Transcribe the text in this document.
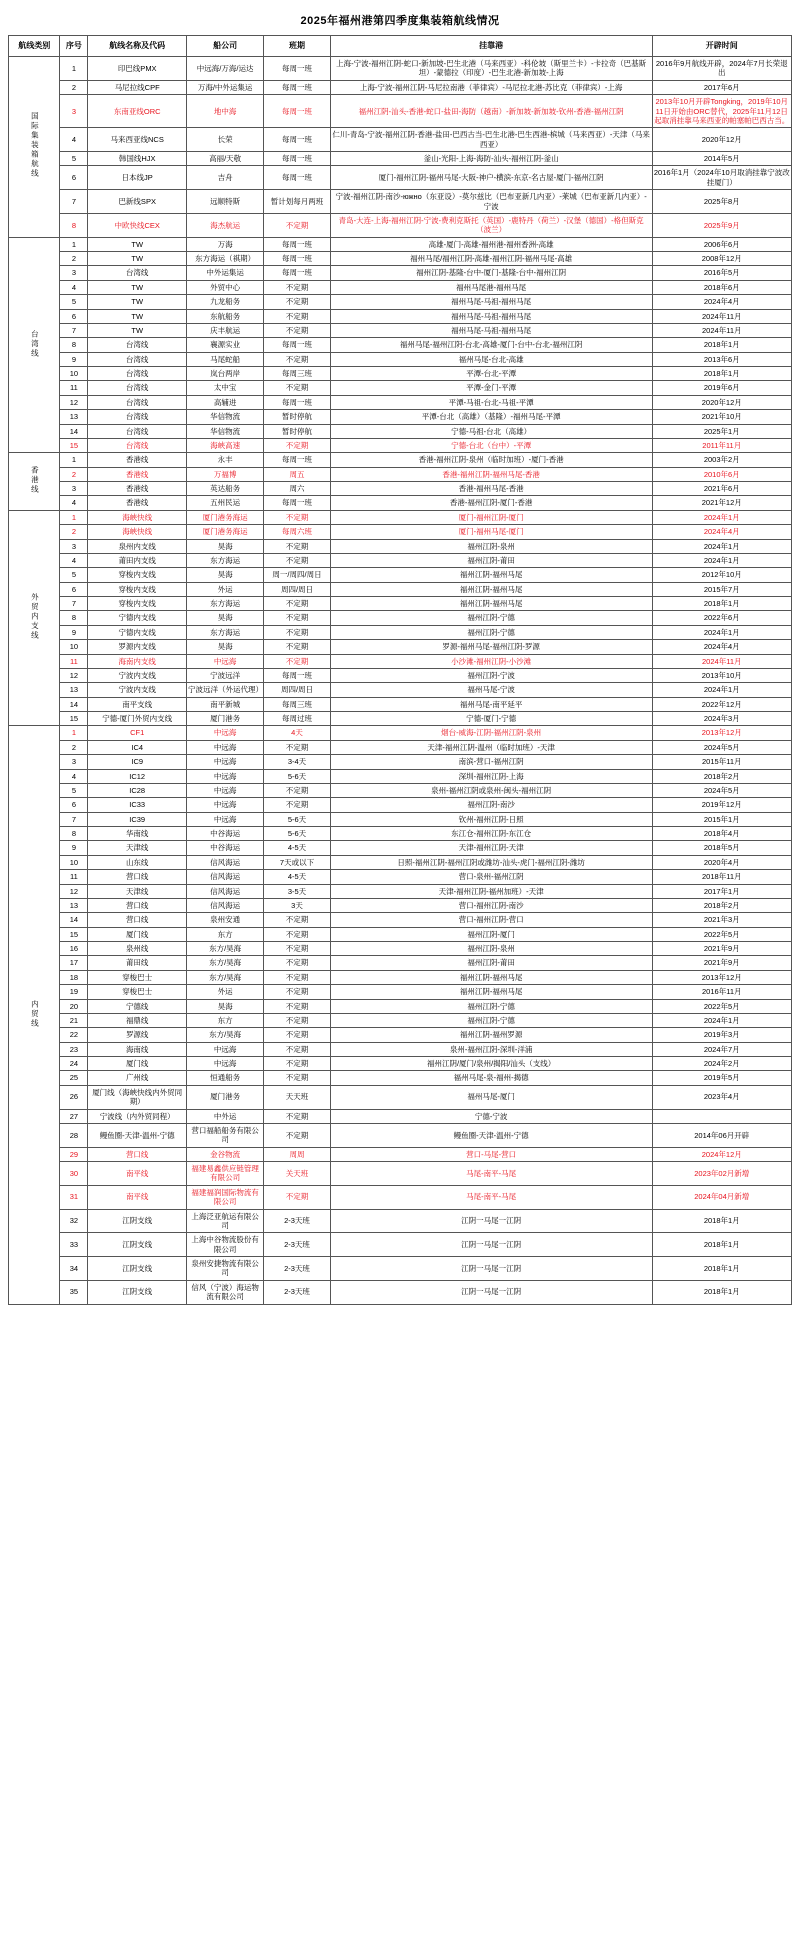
2025年福州港第四季度集装箱航线情况
航线类别	序号	航线名称及代码	船公司	班期	挂靠港	开辟时间
国际集装箱航线	1	印巴线PMX	中远海/万海/运达	每周一班	上海-宁波-福州江阴-蛇口-新加坡-巴生北港（马来西亚）-科伦坡（斯里兰卡）-卡拉奇（巴基斯坦）-蒙德拉（印度）-巴生北港-新加坡-上海	2016年9月航线开辟，2024年7月长荣退出
	2	马尼拉线CPF	万海/中外运集运	每周一班	上海-宁波-福州江阴-马尼拉南港（菲律宾）-马尼拉北港-苏比克（菲律宾）-上海	2017年6月
	3	东南亚线ORC	地中海	每周一班	福州江阴-汕头-香港-蛇口-盐田-海防（越南）-新加坡-新加坡-钦州-香港-福州江阴	2013年10月开辟Tongking，2019年10月11日开始由ORC替代，2025年11月12日起取消挂靠马来西亚的帕塞帕巴西古当。
	4	马来西亚线NCS	长荣	每周一班	仁川-青岛-宁波-福州江阴-香港-盐田-巴西古当-巴生北港-巴生西港-槟城（马来西亚）-天津（马来西亚）	2020年12月
	5	韩国线HJX	高丽/天敬	每周一班	釜山-光阳-上海-海防-汕头-福州江阴-釜山	2014年5月
	6	日本线JP	吉舟	每周一班	厦门-福州江阴-福州马尾-大阪-神户-横滨-东京-名古屋-厦门-福州江阴	2016年1月（2024年10月取消挂靠宁波改挂厦门）
	7	巴新线SPX	远顺特斯	暂计划每月两班	宁波-福州江阴-南沙-южно（东亚设）-莫尔兹比（巴布亚新几内亚）-莱城（巴布亚新几内亚）-宁波	2025年8月
	8	中欧快线CEX	海杰航运	不定期	青岛-大连-上海-福州江阴-宁波-费利克斯托（英国）-鹿特丹（荷兰）-汉堡（德国）-格但斯克（波兰）	2025年9月
台湾线	1	TW	万海	每周一班	高雄-厦门-高雄-福州港-福州香洲-高雄	2006年6月
	2	TW	东方海运（祺期）	每周一班	福州马尾/福州江阴-高雄-福州江阴-福州马尾-高雄	2008年12月
	3	台湾线	中外运集运	每周一班	福州江阴-基隆-台中-厦门-基隆-台中-福州江阴	2016年5月
	4	TW	外贸中心	不定期	福州马尾港-福州马尾	2018年6月
	5	TW	九龙船务	不定期	福州马尾-马祖-福州马尾	2024年4月
	6	TW	东航船务	不定期	福州马尾-马祖-福州马尾	2024年11月
	7	TW	庆丰航运	不定期	福州马尾-马祖-福州马尾	2024年11月
	8	台湾线	襄源实业	每周一班	福州马尾-福州江阴-台北-高雄-厦门-台中-台北-福州江阴	2018年1月
	9	台湾线	马尾蛇船	不定期	福州马尾-台北-高雄	2013年6月
	10	台湾线	岚台两岸	每周三班	平潭-台北-平潭	2018年1月
	11	台湾线	太中宝	不定期	平潭-金门-平潭	2019年6月
	12	台湾线	高辅进	每周一班	平潭-马祖-台北-马祖-平潭	2020年12月
	13	台湾线	华信物流	暂时停航	平潭-台北（高雄）（基隆）-福州马尾-平潭	2021年10月
	14	台湾线	华信物流	暂时停航	宁德-马祖-台北（高雄）	2025年1月
	15	台湾线	海峡高速	不定期	宁德-台北（台中）-平潭	2011年11月
香港线	1	香港线	永丰	每周一班	香港-福州江阴-泉州（临时加班）-厦门-香港	2003年2月
	2	香港线	万福博	周五	香港-福州江阴-福州马尾-香港	2010年6月
	3	香港线	英达船务	周六	香港-福州马尾-香港	2021年6月
	4	香港线	五州民运	每周一班	香港-福州江阴-厦门-香港	2021年12月
外贸内支线	1	海峡快线	厦门港务海运	不定期	厦门-福州江阴-厦门	2024年1月
	2	海峡快线	厦门港务海运	每周六班	厦门-福州马尾-厦门	2024年4月
	3	泉州内支线	昊海	不定期	福州江阴-泉州	2024年1月
	4	莆田内支线	东方海运	不定期	福州江阴-莆田	2024年1月
	5	穿梭内支线	昊海	周一/周四/周日	福州江阴-福州马尾	2012年10月
	6	穿梭内支线	外运	周四/周日	福州江阴-福州马尾	2015年7月
	7	穿梭内支线	东方海运	不定期	福州江阴-福州马尾	2018年1月
	8	宁德内支线	昊海	不定期	福州江阴-宁德	2022年6月
	9	宁德内支线	东方海运	不定期	福州江阴-宁德	2024年1月
	10	罗源内支线	昊海	不定期	罗源-福州马尾-福州江阴-罗源	2024年4月
	11	海南内支线	中远海	不定期	小沙滩-福州江阴-小沙滩	2024年11月
	12	宁波内支线	宁波远洋	每周一班	福州江阴-宁波	2013年10月
	13	宁波内支线	宁波远洋（外运代理）	周四/周日	福州马尾-宁波	2024年1月
	14	南平支线	南平新城	每周三班	福州马尾-南平延平	2022年12月
	15	宁德-厦门外贸内支线	厦门港务	每周过班	宁德-厦门-宁德	2024年3月
内贸线	1	CF1	中远海	4天	烟台-威海-江阴-福州江阴-泉州	2013年12月
	2	IC4	中远海	不定期	天津-福州江阴-温州（临时加班）-天津	2024年5月
	3	IC9	中远海	3-4天	南滨-营口-福州江阴	2015年11月
	4	IC12	中远海	5-6天	深圳-福州江阴-上海	2018年2月
	5	IC28	中远海	不定期	泉州-福州江阴或泉州-闽头-福州江阴	2024年5月
	6	IC33	中远海	不定期	福州江阴-南沙	2019年12月
	7	IC39	中远海	5-6天	钦州-福州江阴-日照	2015年1月
	8	华南线	中谷海运	5-6天	东江仓-福州江阴-东江仓	2018年4月
	9	天津线	中谷海运	4-5天	天津-福州江阴-天津	2018年5月
	10	山东线	信风海运	7天或以下	日照-福州江阴-福州江阴或潍坊-汕头-虎门-福州江阴-潍坊	2020年4月
	11	营口线	信风海运	4-5天	营口-泉州-福州江阴	2018年11月
	12	天津线	信风海运	3-5天	天津-福州江阴-福州加班）-天津	2017年1月
	13	营口线	信风海运	3天	营口-福州江阴-南沙	2018年2月
	14	营口线	泉州安通	不定期	营口-福州江阴-营口	2021年3月
	15	厦门线	东方	不定期	福州江阴-厦门	2022年5月
	16	泉州线	东方/昊海	不定期	福州江阴-泉州	2021年9月
	17	莆田线	东方/昊海	不定期	福州江阴-莆田	2021年9月
	18	穿梭巴士	东方/昊海	不定期	福州江阴-福州马尾	2013年12月
	19	穿梭巴士	外运	不定期	福州江阴-福州马尾	2016年11月
	20	宁德线	昊海	不定期	福州江阴-宁德	2022年5月
	21	福鼎线	东方	不定期	福州江阴-宁德	2024年1月
	22	罗源线	东方/昊海	不定期	福州江阴-福州罗源	2019年3月
	23	海南线	中远海	不定期	泉州-福州江阴-深圳-洋浦	2024年7月
	24	厦门线	中远海	不定期	福州江阴/厦门/泉州/揭阳/汕头（支线）	2024年2月
	25	广州线	恒通船务	不定期	福州马尾-泉-福州-揭德	2019年5月
	26	厦门线（海峡快线内外贸同期）	厦门港务	天天班	福州马尾-厦门	2023年4月
	27	宁波线（内外贸同程）	中外运	不定期	宁德-宁波	
	28	鳗鱼圈-天津-温州-宁德	营口福船船务有限公司	不定期	鳗鱼圈-天津-温州-宁德	2014年06月开辟
	29	营口线	金谷物流	周周	营口-马尾-营口	2024年12月
	30	南平线	福建易鑫供应链管理有限公司	关天班	马尾-南平-马尾	2023年02月新增
	31	南平线	福建福润国际物流有限公司	不定期	马尾-南平-马尾	2024年04月新增
	32	江阴支线	上海泛亚航运有限公司	2-3天班	江阴一马尾一江阴	2018年1月
	33	江阴支线	上海中谷物流股份有限公司	2-3天班	江阴一马尾一江阴	2018年1月
	34	江阴支线	泉州安捷物流有限公司	2-3天班	江阴一马尾一江阴	2018年1月
	35	江阴支线	信风（宁波）海运物流有限公司	2-3天班	江阴一马尾一江阴	2018年1月
